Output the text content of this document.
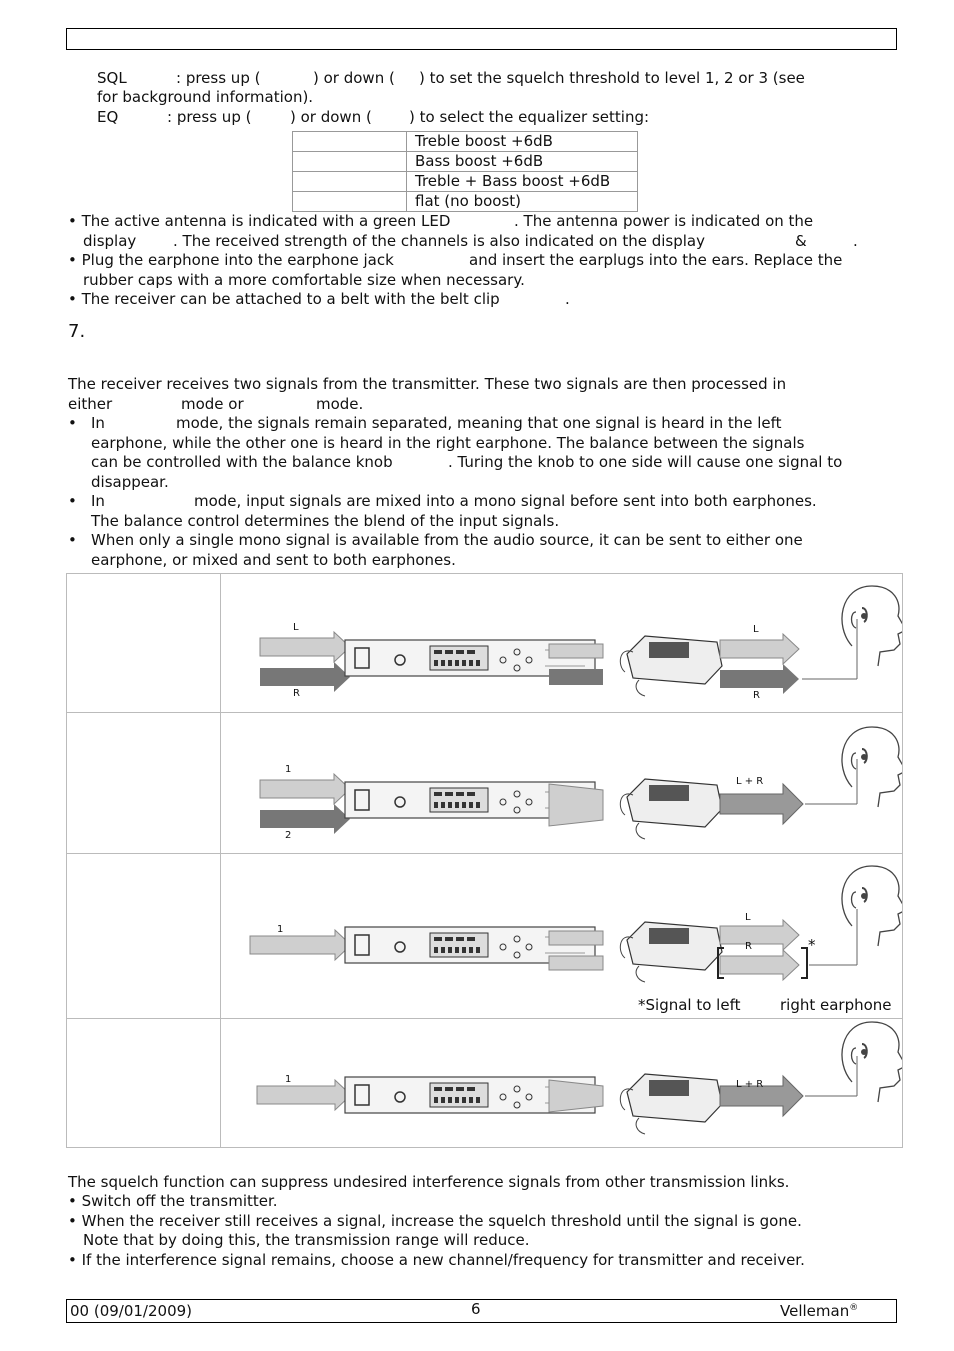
SQL	: press up (	) or down ( ) to set the squelch threshold to level 1, 2 or 3 (see
for background information).
EQ	: press up (	) or down ( ) to select the equalizer setting:
	Treble boost +6dB
	Bass boost +6dB
	Treble + Bass boost +6dB
	flat (no boost)
• The active antenna is indicated with a green LED	. The antenna power is indicated on the
display . The received strength of the channels is also indicated on the display	&	.
• Plug the earphone into the earphone jack	and insert the earplugs into the ears. Replace the
rubber caps with a more comfortable size when necessary.
• The receiver can be attached to a belt with the belt clip	.
7.
The receiver receives two signals from the transmitter. These two signals are then processed in
either	mode or	mode.
• In	mode, the signals remain separated, meaning that one signal is heard in the left
earphone, while the other one is heard in the right earphone. The balance between the signals
can be controlled with the balance knob	. Turing the knob to one side will cause one signal to
disappear.
• In	mode, input signals are mixed into a mono signal before sent into both earphones.
The balance control determines the blend of the input signals.
• When only a single mono signal is available from the audio source, it can be sent to either one
earphone, or mixed and sent to both earphones.
L
R
L
R
1
2
L + R
1
L
R	*
*Signal to left	right earphone
1	L + R
The squelch function can suppress undesired interference signals from other transmission links.
• Switch off the transmitter.
• When the receiver still receives a signal, increase the squelch threshold until the signal is gone.
Note that by doing this, the transmission range will reduce.
• If the interference signal remains, choose a new channel/frequency for transmitter and receiver.
00 (09/01/2009)	6	Velleman®
